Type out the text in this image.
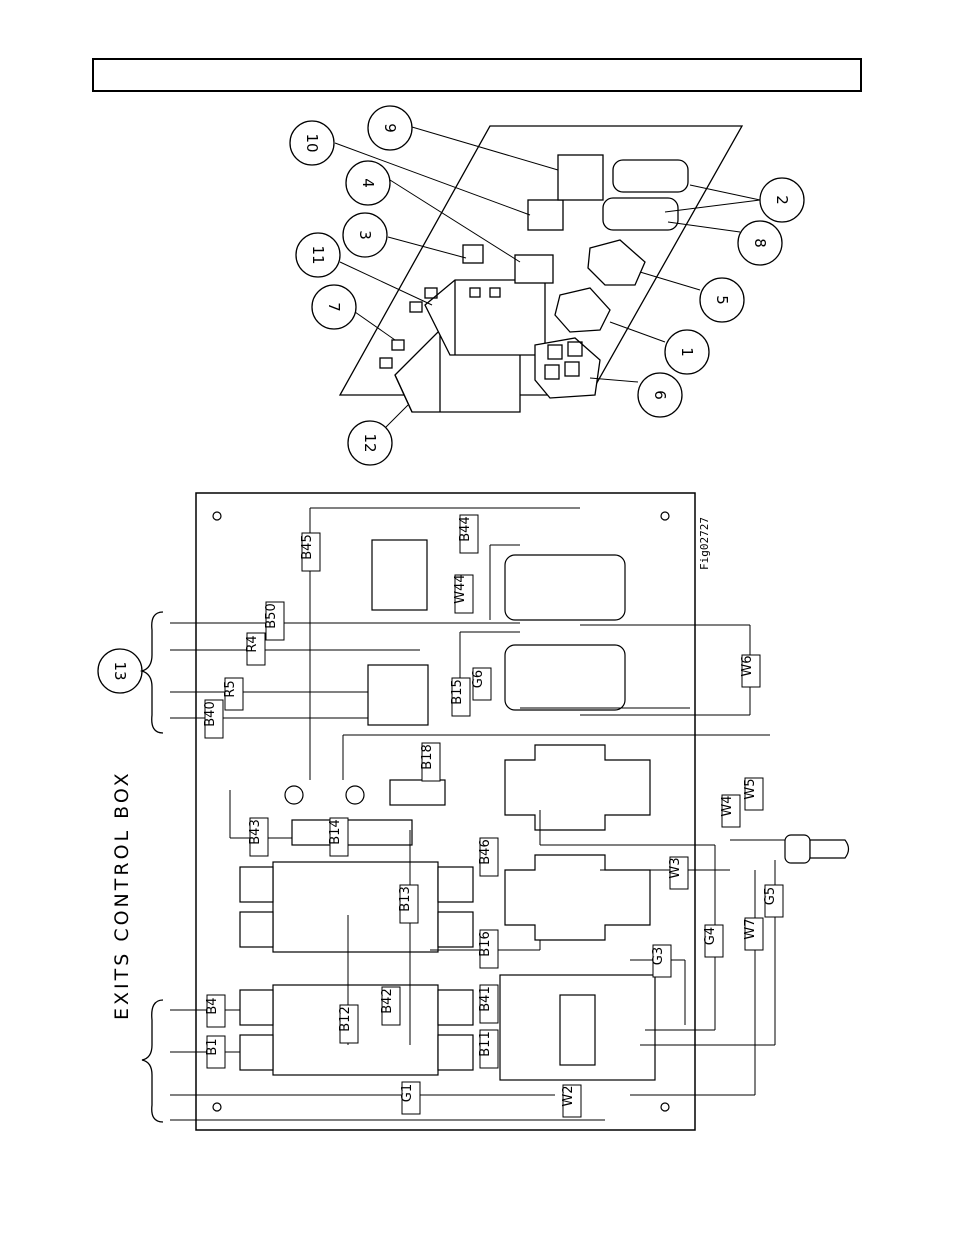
10
9
4
3
11
7
12
6
1
5
8
2
13
EXITS CONTROL BOX
Fig02727
B1
B4
G1	W2
B11
B41
B12
B42
B13
B16
B46
G3
G4 W7
G5
W3
B43	B14
B18
W4
W5
B40
R5
R4
B50
B15
G6
W6
W44
B44
B45
